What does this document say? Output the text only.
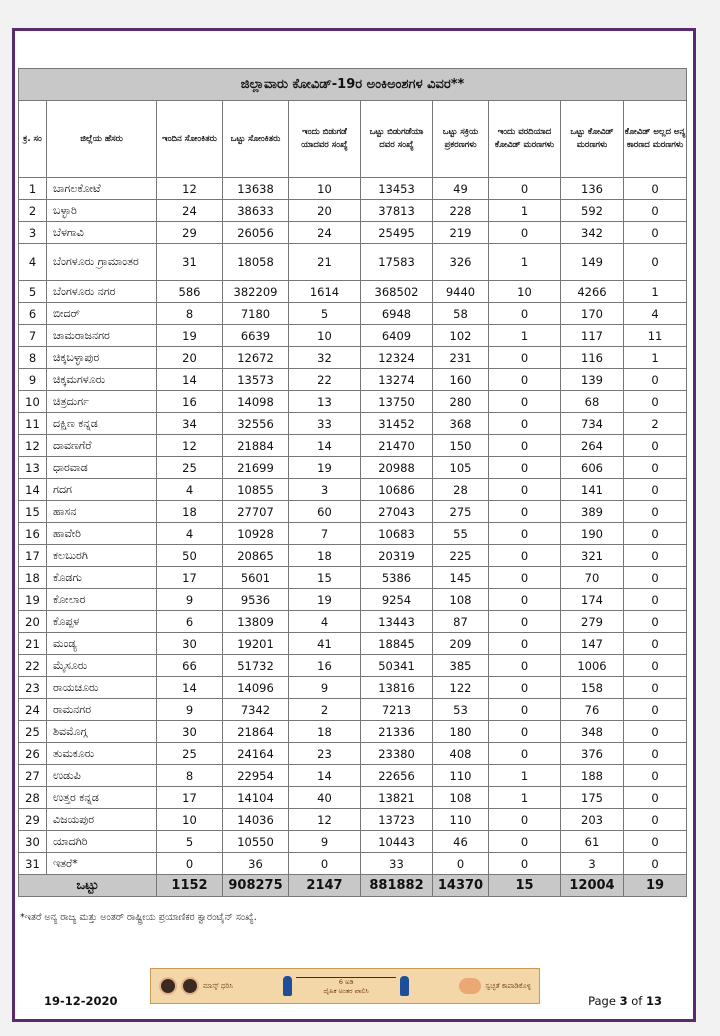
ಜಿಲ್ಲಾವಾರು ಕೋವಿಡ್-19ರ ಅಂಕಿಅಂಶಗಳ ವಿವರ**									
ಕ್ರ. ಸಂ	ಜಿಲ್ಲೆಯ ಹೆಸರು	ಇಂದಿನ ಸೋಂಕಿತರು	ಒಟ್ಟು ಸೋಂಕಿತರು	ಇಂದು ಬಿಡುಗಡೆ ಯಾದವರ ಸಂಖ್ಯೆ	ಒಟ್ಟು ಬಿಡುಗಡೆಯಾ ದವರ ಸಂಖ್ಯೆ	ಒಟ್ಟು ಸಕ್ರಿಯ ಪ್ರಕರಣಗಳು	ಇಂದು ವರದಿಯಾದ ಕೋವಿಡ್ ಮರಣಗಳು	ಒಟ್ಟು ಕೋವಿಡ್ ಮರಣಗಳು	ಕೋವಿಡ್ ಅಲ್ಲದ ಅನ್ಯ ಕಾರಣದ ಮರಣಗಳು
1	ಬಾಗಲಕೋಟೆ	12	13638	10	13453	49	0	136	0
2	ಬಳ್ಳಾರಿ	24	38633	20	37813	228	1	592	0
3	ಬೆಳಗಾವಿ	29	26056	24	25495	219	0	342	0
4	ಬೆಂಗಳೂರು ಗ್ರಾಮಾಂತರ	31	18058	21	17583	326	1	149	0
5	ಬೆಂಗಳೂರು ನಗರ	586	382209	1614	368502	9440	10	4266	1
6	ಬೀದರ್	8	7180	5	6948	58	0	170	4
7	ಚಾಮರಾಜನಗರ	19	6639	10	6409	102	1	117	11
8	ಚಿಕ್ಕಬಳ್ಳಾಪುರ	20	12672	32	12324	231	0	116	1
9	ಚಿಕ್ಕಮಗಳೂರು	14	13573	22	13274	160	0	139	0
10	ಚಿತ್ರದುರ್ಗ	16	14098	13	13750	280	0	68	0
11	ದಕ್ಷಿಣ ಕನ್ನಡ	34	32556	33	31452	368	0	734	2
12	ದಾವಣಗೆರೆ	12	21884	14	21470	150	0	264	0
13	ಧಾರವಾಡ	25	21699	19	20988	105	0	606	0
14	ಗದಗ	4	10855	3	10686	28	0	141	0
15	ಹಾಸನ	18	27707	60	27043	275	0	389	0
16	ಹಾವೇರಿ	4	10928	7	10683	55	0	190	0
17	ಕಲಬುರಗಿ	50	20865	18	20319	225	0	321	0
18	ಕೊಡಗು	17	5601	15	5386	145	0	70	0
19	ಕೋಲಾರ	9	9536	19	9254	108	0	174	0
20	ಕೊಪ್ಪಳ	6	13809	4	13443	87	0	279	0
21	ಮಂಡ್ಯ	30	19201	41	18845	209	0	147	0
22	ಮೈಸೂರು	66	51732	16	50341	385	0	1006	0
23	ರಾಯಚೂರು	14	14096	9	13816	122	0	158	0
24	ರಾಮನಗರ	9	7342	2	7213	53	0	76	0
25	ಶಿವಮೊಗ್ಗ	30	21864	18	21336	180	0	348	0
26	ತುಮಕೂರು	25	24164	23	23380	408	0	376	0
27	ಉಡುಪಿ	8	22954	14	22656	110	1	188	0
28	ಉತ್ತರ ಕನ್ನಡ	17	14104	40	13821	108	1	175	0
29	ವಿಜಯಪುರ	10	14036	12	13723	110	0	203	0
30	ಯಾದಗಿರಿ	5	10550	9	10443	46	0	61	0
31	ಇತರೆ*	0	36	0	33	0	0	3	0
ಒಟ್ಟು		1152	908275	2147	881882	14370	15	12004	19
*ಇತರೆ ಅನ್ಯ ರಾಜ್ಯ ಮತ್ತು ಅಂತರ್ ರಾಷ್ಟ್ರೀಯ ಪ್ರಯಾಣಿಕರ ಕ್ವಾರಂಟೈನ್ ಸಂಖ್ಯೆ.
ಮಾಸ್ಕ್ ಧರಿಸಿ	6 ಅಡಿ
ದೈಹಿಕ ಅಂತರ ಪಾಲಿಸಿ
ಸ್ವಚ್ಛತೆ ಕಾಪಾಡಿಕೊಳ್ಳಿ
19-12-2020	Page 3 of 13
